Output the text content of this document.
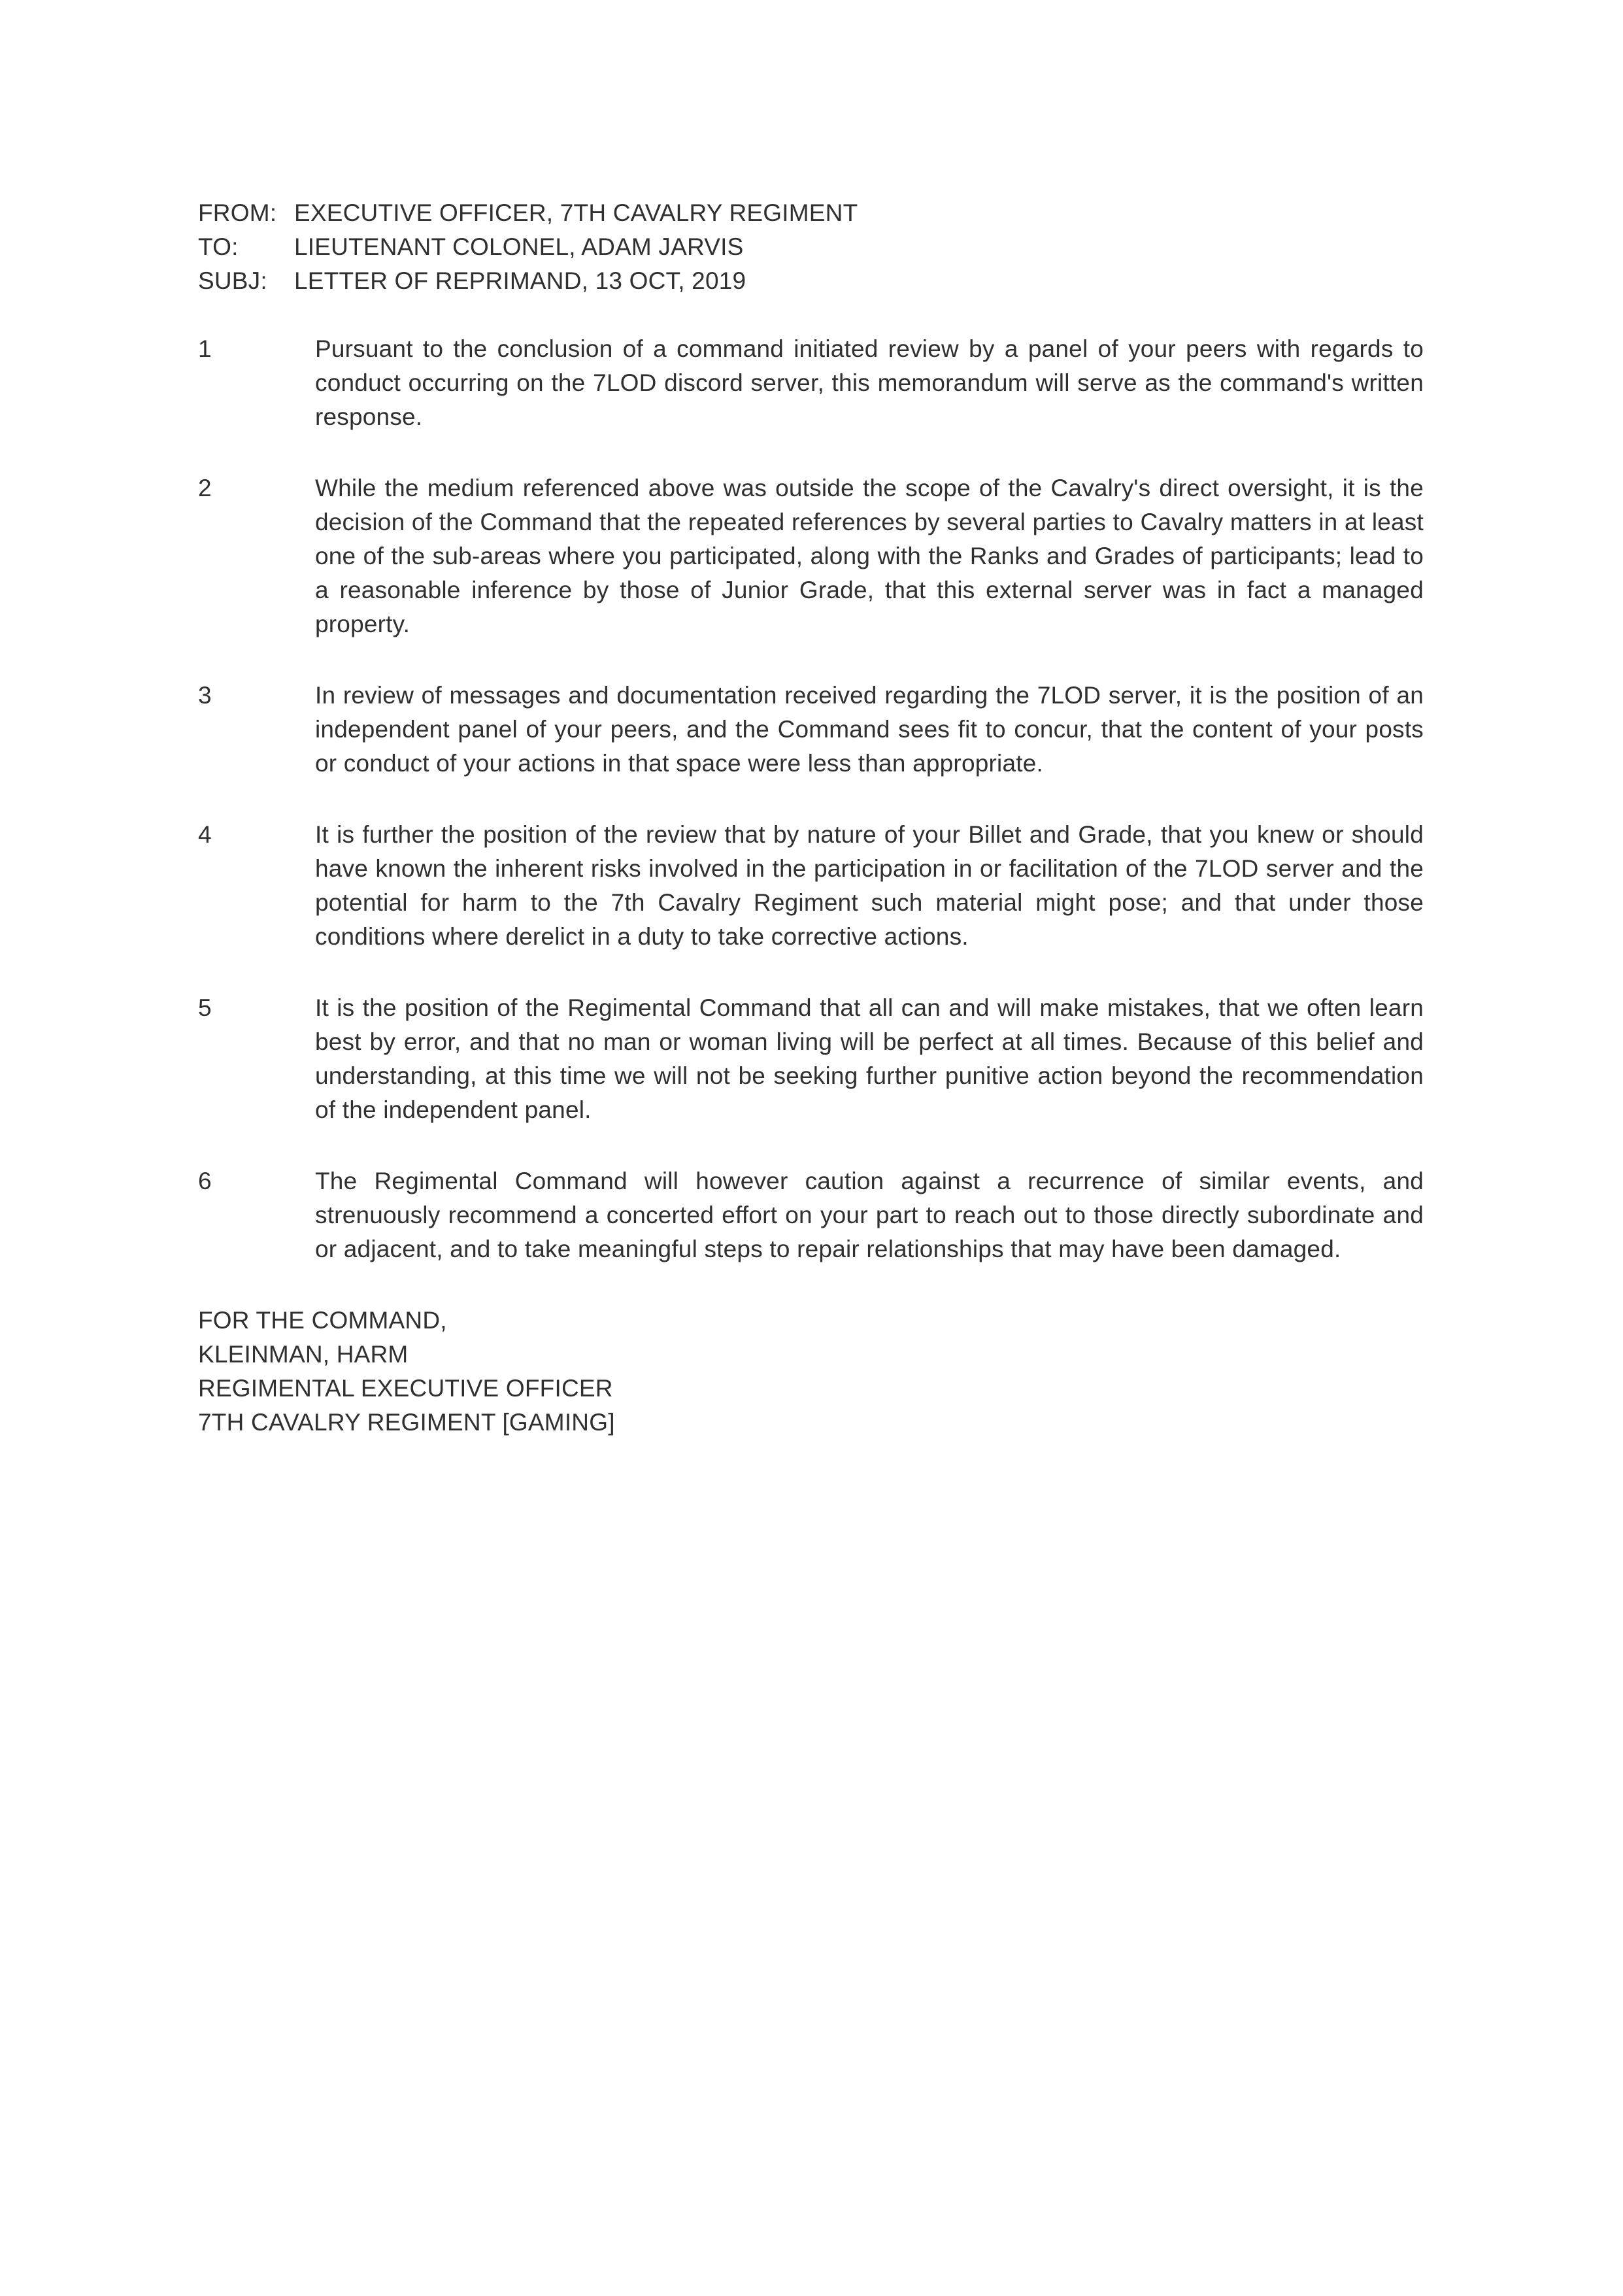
FROM: EXECUTIVE OFFICER, 7TH CAVALRY REGIMENT
TO:	LIEUTENANT COLONEL, ADAM JARVIS
SUBJ:	LETTER OF REPRIMAND, 13 OCT, 2019
1	Pursuant to the conclusion of a command initiated review by a panel of your peers with regards to conduct occurring on the 7LOD discord server, this memorandum will serve as the command's written response.
2	While the medium referenced above was outside the scope of the Cavalry's direct oversight, it is the decision of the Command that the repeated references by several parties to Cavalry matters in at least one of the sub-areas where you participated, along with the Ranks and Grades of participants; lead to a reasonable inference by those of Junior Grade, that this external server was in fact a managed property.
3	In review of messages and documentation received regarding the 7LOD server, it is the position of an independent panel of your peers, and the Command sees fit to concur, that the content of your posts or conduct of your actions in that space were less than appropriate.
4	It is further the position of the review that by nature of your Billet and Grade, that you knew or should have known the inherent risks involved in the participation in or facilitation of the 7LOD server and the potential for harm to the 7th Cavalry Regiment such material might pose; and that under those conditions where derelict in a duty to take corrective actions.
5	It is the position of the Regimental Command that all can and will make mistakes, that we often learn best by error, and that no man or woman living will be perfect at all times. Because of this belief and understanding, at this time we will not be seeking further punitive action beyond the recommendation of the independent panel.
6	The Regimental Command will however caution against a recurrence of similar events, and strenuously recommend a concerted effort on your part to reach out to those directly subordinate and or adjacent, and to take meaningful steps to repair relationships that may have been damaged.
FOR THE COMMAND,
KLEINMAN, HARM
REGIMENTAL EXECUTIVE OFFICER
7TH CAVALRY REGIMENT [GAMING]
